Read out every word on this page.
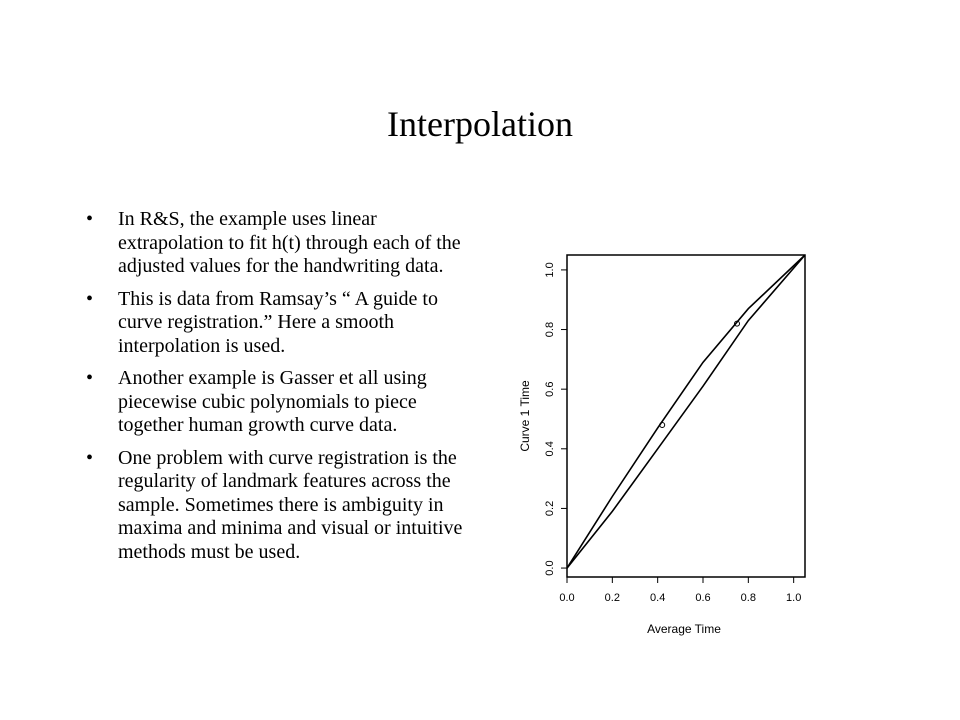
Interpolation
• In R&S, the example uses linear extrapolation to fit h(t) through each of the adjusted values for the handwriting data.
• This is data from Ramsay’s “ A guide to curve registration.” Here a smooth interpolation is used.
• Another example is Gasser et all using piecewise cubic polynomials to piece together human growth curve data.
• One problem with curve registration is the regularity of landmark features across the sample. Sometimes there is ambiguity in maxima and minima and visual or intuitive methods must be used.
0.0	0.2	0.4	0.6	0.8	1.0
0.0
0.2
0.4
0.6
0.8
1.0
Average Time
Curve 1 Time
